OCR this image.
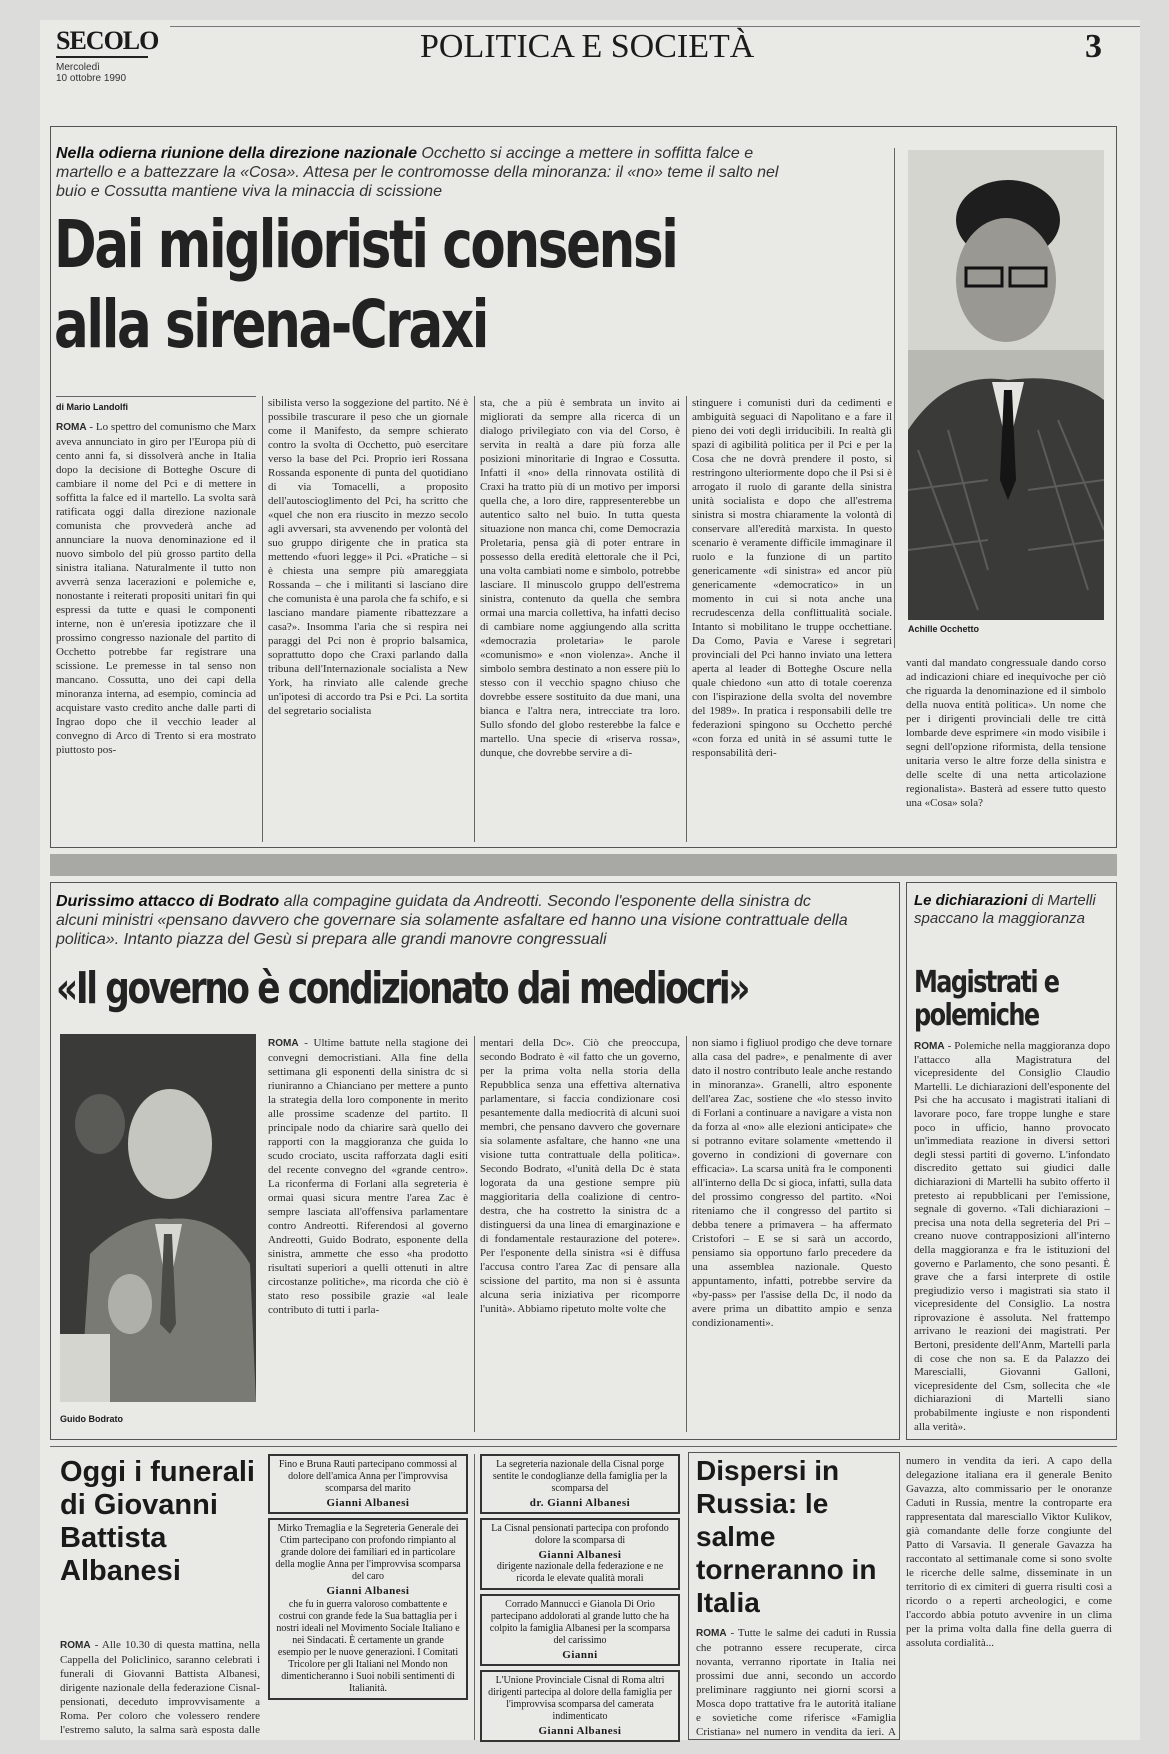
SECOLO
Mercoledì
10 ottobre 1990
POLITICA E SOCIETÀ	3
Nella odierna riunione della direzione nazionale Occhetto si accinge a mettere in soffitta falce e martello e a battezzare la «Cosa». Attesa per le contromosse della minoranza: il «no» teme il salto nel buio e Cossutta mantiene viva la minaccia di scissione
Dai miglioristi consensi
alla sirena-Craxi
Achille Occhetto
di Mario Landolfi
ROMA - Lo spettro del comunismo che Marx aveva annunciato in giro per l'Europa più di cento anni fa, si dissolverà anche in Italia dopo la decisione di Botteghe Oscure di cambiare il nome del Pci e di mettere in soffitta la falce ed il martello. La svolta sarà ratificata oggi dalla direzione nazionale comunista che provvederà anche ad annunciare la nuova denominazione ed il nuovo simbolo del più grosso partito della sinistra italiana. Naturalmente il tutto non avverrà senza lacerazioni e polemiche e, nonostante i reiterati propositi unitari fin qui espressi da tutte e quasi le componenti interne, non è un'eresia ipotizzare che il prossimo congresso nazionale del partito di Occhetto potrebbe far registrare una scissione. Le premesse in tal senso non mancano. Cossutta, uno dei capi della minoranza interna, ad esempio, comincia ad acquistare vasto credito anche dalle parti di Ingrao dopo che il vecchio leader al convegno di Arco di Trento si era mostrato piuttosto pos-
sibilista verso la soggezione del partito. Né è possibile trascurare il peso che un giornale come il Manifesto, da sempre schierato contro la svolta di Occhetto, può esercitare verso la base del Pci. Proprio ieri Rossana Rossanda esponente di punta del quotidiano di via Tomacelli, a proposito dell'autoscioglimento del Pci, ha scritto che «quel che non era riuscito in mezzo secolo agli avversari, sta avvenendo per volontà del suo gruppo dirigente che in pratica sta mettendo «fuori legge» il Pci. «Pratiche – si è chiesta una sempre più amareggiata Rossanda – che i militanti si lasciano dire che comunista è una parola che fa schifo, e si lasciano mandare piamente ribattezzare a casa?». Insomma l'aria che si respira nei paraggi del Pci non è proprio balsamica, soprattutto dopo che Craxi parlando dalla tribuna dell'Internazionale socialista a New York, ha rinviato alle calende greche un'ipotesi di accordo tra Psi e Pci. La sortita del segretario socialista
sta, che a più è sembrata un invito ai migliorati da sempre alla ricerca di un dialogo privilegiato con via del Corso, è servita in realtà a dare più forza alle posizioni minoritarie di Ingrao e Cossutta. Infatti il «no» della rinnovata ostilità di Craxi ha tratto più di un motivo per imporsi quella che, a loro dire, rappresenterebbe un autentico salto nel buio. In tutta questa situazione non manca chi, come Democrazia Proletaria, pensa già di poter entrare in possesso della eredità elettorale che il Pci, una volta cambiati nome e simbolo, potrebbe lasciare. Il minuscolo gruppo dell'estrema sinistra, contenuto da quella che sembra ormai una marcia collettiva, ha infatti deciso di cambiare nome aggiungendo alla scritta «democrazia proletaria» le parole «comunismo» e «non violenza». Anche il simbolo sembra destinato a non essere più lo stesso con il vecchio spagno chiuso che dovrebbe essere sostituito da due mani, una bianca e l'altra nera, intrecciate tra loro. Sullo sfondo del globo resterebbe la falce e martello. Una specie di «riserva rossa», dunque, che dovrebbe servire a di-
stinguere i comunisti duri da cedimenti e ambiguità seguaci di Napolitano e a fare il pieno dei voti degli irriducibili. In realtà gli spazi di agibilità politica per il Pci e per la Cosa che ne dovrà prendere il posto, si restringono ulteriormente dopo che il Psi si è arrogato il ruolo di garante della sinistra unità socialista e dopo che all'estrema sinistra si mostra chiaramente la volontà di conservare all'eredità marxista. In questo scenario è veramente difficile immaginare il ruolo e la funzione di un partito genericamente «di sinistra» ed ancor più genericamente «democratico» in un momento in cui si nota anche una recrudescenza della conflittualità sociale. Intanto si mobilitano le truppe occhettiane. Da Como, Pavia e Varese i segretari provinciali del Pci hanno inviato una lettera aperta al leader di Botteghe Oscure nella quale chiedono «un atto di totale coerenza con l'ispirazione della svolta del novembre del 1989». In pratica i responsabili delle tre federazioni spingono su Occhetto perché «con forza ed unità in sé assumi tutte le responsabilità deri-
vanti dal mandato congressuale dando corso ad indicazioni chiare ed inequivoche per ciò che riguarda la denominazione ed il simbolo della nuova entità politica». Un nome che per i dirigenti provinciali delle tre città lombarde deve esprimere «in modo visibile i segni dell'opzione riformista, della tensione unitaria verso le altre forze della sinistra e delle scelte di una netta articolazione regionalista». Basterà ad essere tutto questo una «Cosa» sola?
Durissimo attacco di Bodrato alla compagine guidata da Andreotti. Secondo l'esponente della sinistra dc alcuni ministri «pensano davvero che governare sia solamente asfaltare ed hanno una visione contrattuale della politica». Intanto piazza del Gesù si prepara alle grandi manovre congressuali
«Il governo è condizionato dai mediocri»
Guido Bodrato
ROMA - Ultime battute nella stagione dei convegni democristiani. Alla fine della settimana gli esponenti della sinistra dc si riuniranno a Chianciano per mettere a punto la strategia della loro componente in merito alle prossime scadenze del partito. Il principale nodo da chiarire sarà quello dei rapporti con la maggioranza che guida lo scudo crociato, uscita rafforzata dagli esiti del recente convegno del «grande centro». La riconferma di Forlani alla segreteria è ormai quasi sicura mentre l'area Zac è sempre lasciata all'offensiva parlamentare contro Andreotti. Riferendosi al governo Andreotti, Guido Bodrato, esponente della sinistra, ammette che esso «ha prodotto risultati superiori a quelli ottenuti in altre circostanze politiche», ma ricorda che ciò è stato reso possibile grazie «al leale contributo di tutti i parla-
mentari della Dc». Ciò che preoccupa, secondo Bodrato è «il fatto che un governo, per la prima volta nella storia della Repubblica senza una effettiva alternativa parlamentare, si faccia condizionare così pesantemente dalla mediocrità di alcuni suoi membri, che pensano davvero che governare sia solamente asfaltare, che hanno «ne una visione tutta contrattuale della politica». Secondo Bodrato, «l'unità della Dc è stata logorata da una gestione sempre più maggioritaria della coalizione di centro-destra, che ha costretto la sinistra dc a distinguersi da una linea di emarginazione e di fondamentale restaurazione del potere». Per l'esponente della sinistra «si è diffusa l'accusa contro l'area Zac di pensare alla scissione del partito, ma non si è assunta alcuna seria iniziativa per ricomporre l'unità». Abbiamo ripetuto molte volte che
non siamo i figliuol prodigo che deve tornare alla casa del padre», e penalmente di aver dato il nostro contributo leale anche restando in minoranza». Granelli, altro esponente dell'area Zac, sostiene che «lo stesso invito di Forlani a continuare a navigare a vista non da forza al «no» alle elezioni anticipate» che si potranno evitare solamente «mettendo il governo in condizioni di governare con efficacia». La scarsa unità fra le componenti all'interno della Dc si gioca, infatti, sulla data del prossimo congresso del partito. «Noi riteniamo che il congresso del partito si debba tenere a primavera – ha affermato Cristofori – E se si sarà un accordo, pensiamo sia opportuno farlo precedere da una assemblea nazionale. Questo appuntamento, infatti, potrebbe servire da «by-pass» per l'assise della Dc, il nodo da avere prima un dibattito ampio e senza condizionamenti».
Le dichiarazioni di Martelli spaccano la maggioranza
Magistrati e polemiche
ROMA - Polemiche nella maggioranza dopo l'attacco alla Magistratura del vicepresidente del Consiglio Claudio Martelli. Le dichiarazioni dell'esponente del Psi che ha accusato i magistrati italiani di lavorare poco, fare troppe lunghe e stare poco in ufficio, hanno provocato un'immediata reazione in diversi settori degli stessi partiti di governo. L'infondato discredito gettato sui giudici dalle dichiarazioni di Martelli ha subito offerto il pretesto ai repubblicani per l'emissione, segnale di governo. «Tali dichiarazioni – precisa una nota della segreteria del Pri – creano nuove contrapposizioni all'interno della maggioranza e fra le istituzioni del governo e Parlamento, che sono pesanti. È grave che a farsi interprete di ostile pregiudizio verso i magistrati sia stato il vicepresidente del Consiglio. La nostra riprovazione è assoluta. Nel frattempo arrivano le reazioni dei magistrati. Per Bertoni, presidente dell'Anm, Martelli parla di cose che non sa. E da Palazzo dei Marescialli, Giovanni Galloni, vicepresidente del Csm, sollecita che «le dichiarazioni di Martelli siano probabilmente ingiuste e non rispondenti alla verità».
Oggi i funerali di Giovanni Battista Albanesi
ROMA - Alle 10.30 di questa mattina, nella Cappella del Policlinico, saranno celebrati i funerali di Giovanni Battista Albanesi, dirigente nazionale della federazione Cisnal-pensionati, deceduto improvvisamente a Roma. Per coloro che volessero rendere l'estremo saluto, la salma sarà esposta dalle
Fino e Bruna Rauti partecipano commossi al dolore dell'amica Anna per l'improvvisa scomparsa del marito
Gianni Albanesi
Mirko Tremaglia e la Segreteria Generale dei Ctim partecipano con profondo rimpianto al grande dolore dei familiari ed in particolare della moglie Anna per l'improvvisa scomparsa del caro
Gianni Albanesi
che fu in guerra valoroso combattente e costruì con grande fede la Sua battaglia per i nostri ideali nel Movimento Sociale Italiano e nei Sindacati. È certamente un grande esempio per le nuove generazioni. I Comitati Tricolore per gli Italiani nel Mondo non dimenticheranno i Suoi nobili sentimenti di Italianità.
La segreteria nazionale della Cisnal porge sentite le condoglianze della famiglia per la scomparsa del
dr. Gianni Albanesi
La Cisnal pensionati partecipa con profondo dolore la scomparsa di
Gianni Albanesi
dirigente nazionale della federazione e ne ricorda le elevate qualità morali
Corrado Mannucci e Gianola Di Orio partecipano addolorati al grande lutto che ha colpito la famiglia Albanesi per la scomparsa del carissimo
Gianni
L'Unione Provinciale Cisnal di Roma altri dirigenti partecipa al dolore della famiglia per l'improvvisa scomparsa del camerata indimenticato
Gianni Albanesi
Dispersi in Russia: le salme torneranno in Italia
ROMA - Tutte le salme dei caduti in Russia che potranno essere recuperate, circa novanta, verranno riportate in Italia nei prossimi due anni, secondo un accordo preliminare raggiunto nei giorni scorsi a Mosca dopo trattative fra le autorità italiane e sovietiche come riferisce «Famiglia Cristiana» nel numero in vendita da ieri. A
numero in vendita da ieri. A capo della delegazione italiana era il generale Benito Gavazza, alto commissario per le onoranze Caduti in Russia, mentre la controparte era rappresentata dal maresciallo Viktor Kulikov, già comandante delle forze congiunte del Patto di Varsavia. Il generale Gavazza ha raccontato al settimanale come si sono svolte le ricerche delle salme, disseminate in un territorio di ex cimiteri di guerra risulti così a ricordo o a reperti archeologici, e come l'accordo abbia potuto avvenire in un clima per la prima volta dalla fine della guerra di assoluta cordialità...
